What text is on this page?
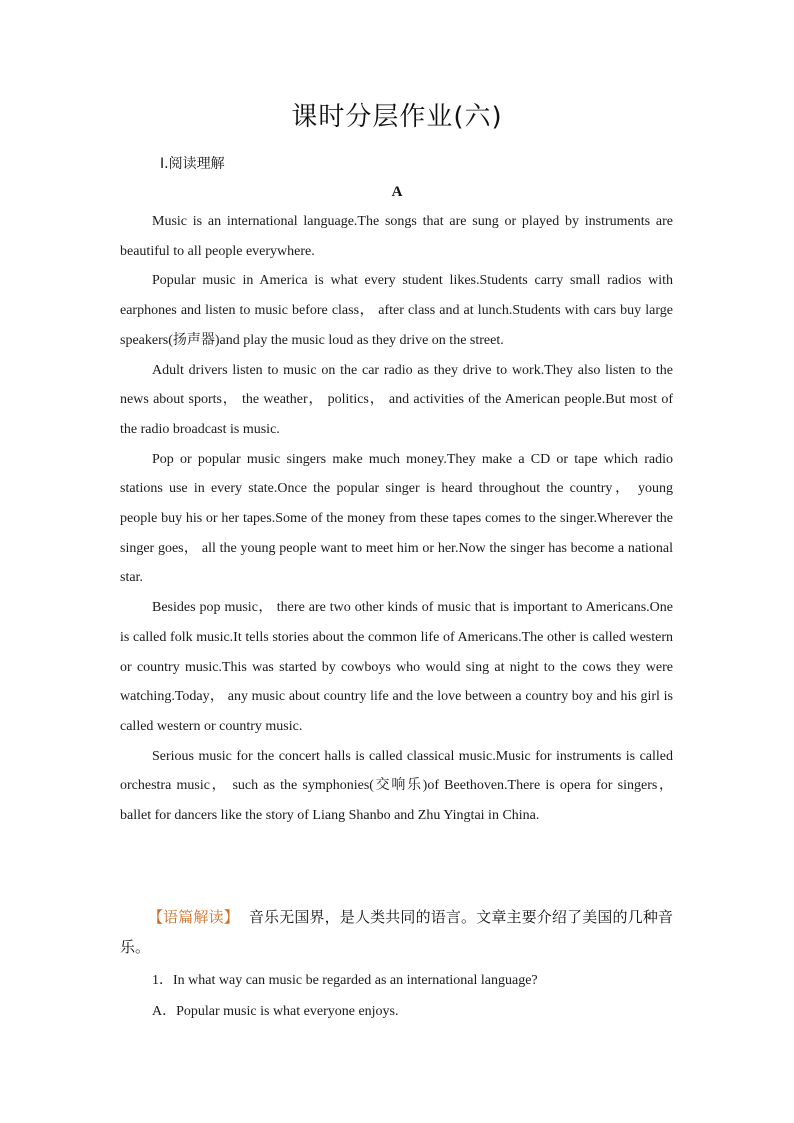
课时分层作业(六)
Ⅰ.阅读理解
A

Music is an international language.The songs that are sung or played by instruments are beautiful to all people everywhere.

Popular music in America is what every student likes.Students carry small radios with earphones and listen to music before class， after class and at lunch.Students with cars buy large speakers(扬声器)and play the music loud as they drive on the street.

Adult drivers listen to music on the car radio as they drive to work.They also listen to the news about sports， the weather， politics， and activities of the American people.But most of the radio broadcast is music.

Pop or popular music singers make much money.They make a CD or tape which radio stations use in every state.Once the popular singer is heard throughout the country， young people buy his or her tapes.Some of the money from these tapes comes to the singer.Wherever the singer goes， all the young people want to meet him or her.Now the singer has become a national star.

Besides pop music， there are two other kinds of music that is important to Americans.One is called folk music.It tells stories about the common life of Americans.The other is called western or country music.This was started by cowboys who would sing at night to the cows they were watching.Today， any music about country life and the love between a country boy and his girl is called western or country music.

Serious music for the concert halls is called classical music.Music for instruments is called orchestra music， such as the symphonies(交响乐)of Beethoven.There is opera for singers， ballet for dancers like the story of Liang Shanbo and Zhu Yingtai in China.

【语篇解读】 音乐无国界，是人类共同的语言。文章主要介绍了美国的几种音乐。
1．In what way can music be regarded as an international language?
A．Popular music is what everyone enjoys.
